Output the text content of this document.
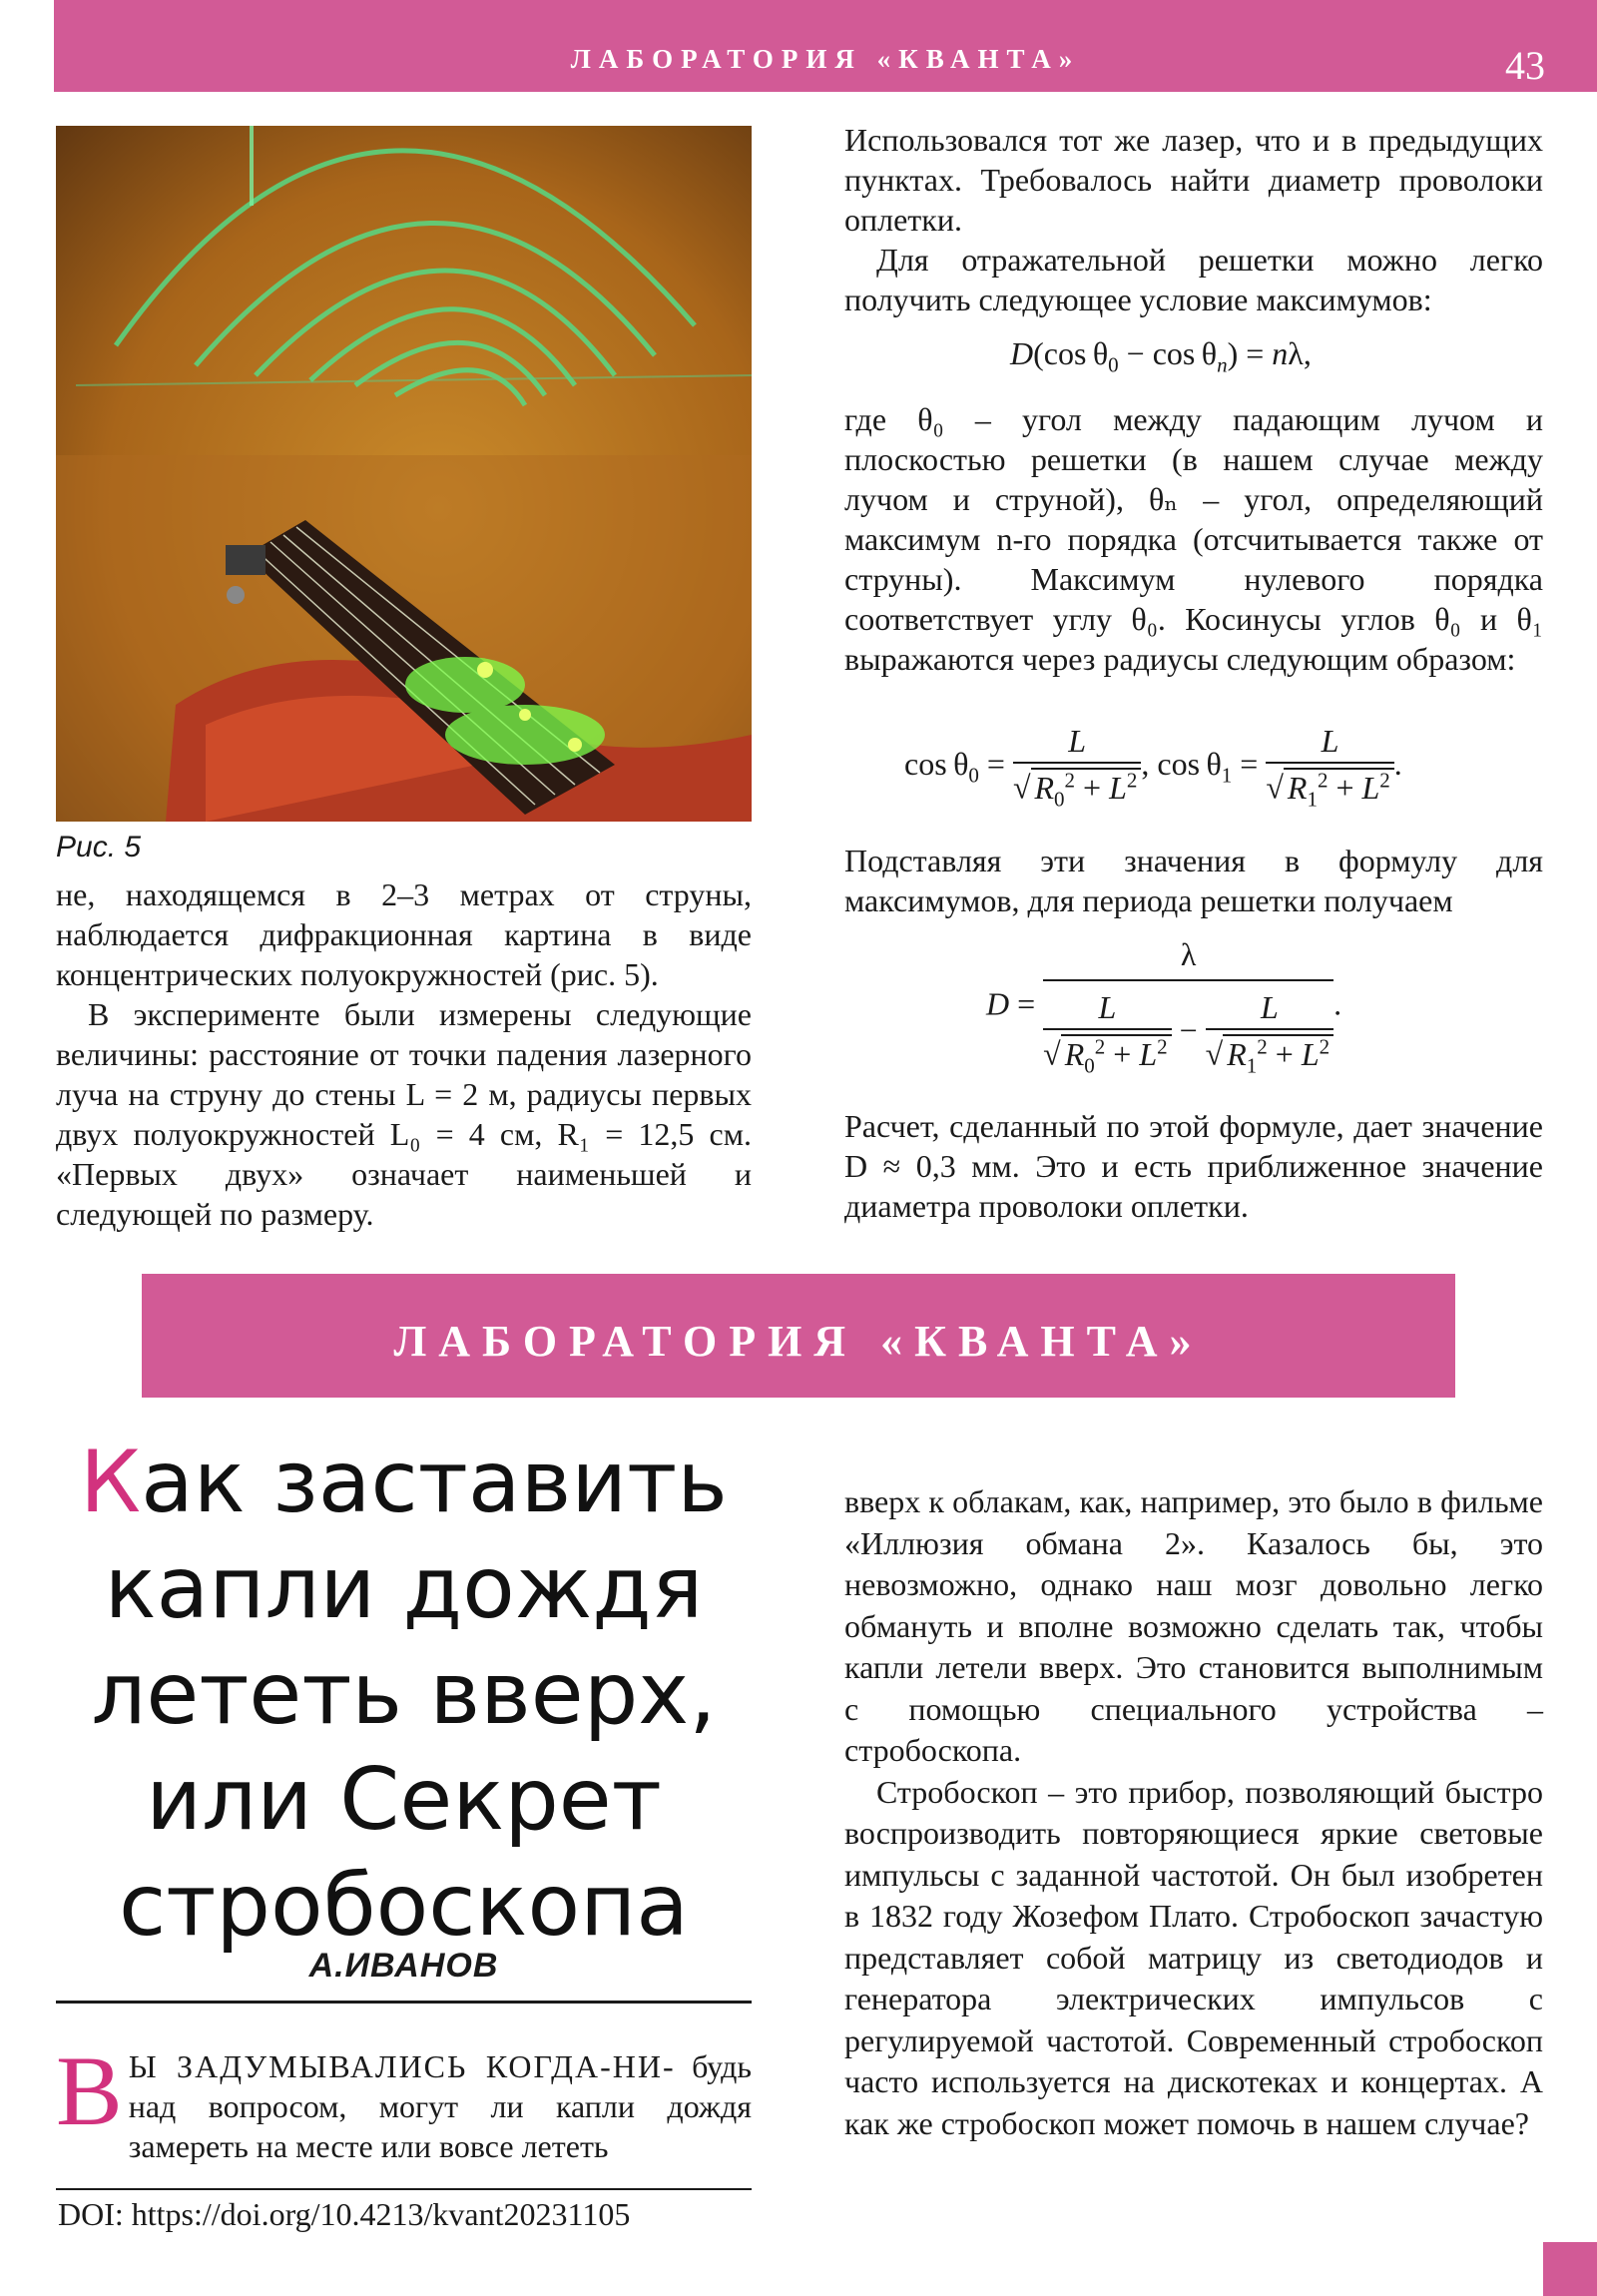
ЛАБОРАТОРИЯ «КВАНТА»	43
Рис. 5

не, находящемся в 2–3 метрах от струны, наблюдается дифракционная картина в виде концентрических полуокружностей (рис. 5).

В эксперименте были измерены следующие величины: расстояние от точки падения лазерного луча на струну до стены L = 2 м, радиусы первых двух полуокружностей L₀ = 4 см, R₁ = 12,5 см. «Первых двух» означает наименьшей и следующей по размеру.

Использовался тот же лазер, что и в предыдущих пунктах. Требовалось найти диаметр проволоки оплетки.

Для отражательной решетки можно легко получить следующее условие максимумов:

D(cos $\theta_0 - \cos \theta_n) = n\lambda$,

где θ₀ – угол между падающим лучом и плоскостью решетки (в нашем случае между лучом и струной), θₙ – угол, определяющий максимум n-го порядка (отсчитывается также от струны). Максимум нулевого порядка соответствует углу θ₀. Косинусы углов θ₀ и θ₁ выражаются через радиусы следующим образом:

$\cos \theta_0 = \frac{L}{√ R_0^2 + L^2}$ , $\cos \theta_1 = \frac{L}{√ R_1^2 + L^2}$ .

Подставляя эти значения в формулу для максимумов, для периода решетки получаем

$D = \frac{\lambda}{\frac{L}{√ R_0^2 + L^2} - \frac{L}{√ R_1^2 + L^2}}$ .

Расчет, сделанный по этой формуле, дает значение D ≈ 0,3 мм. Это и есть приближенное значение диаметра проволоки оплетки.

ЛАБОРАТОРИЯ «КВАНТА»
Как заставить
капли дождя
лететь вверх,
или Секрет
стробоскопа
А.ИВАНОВ
В Ы ЗАДУМЫВАЛИСЬ КОГДА-НИ- будь над вопросом, могут ли капли дождя замереть на месте или вовсе лететь
DOI: https://doi.org/10.4213/kvant20231105

вверх к облакам, как, например, это было в фильме «Иллюзия обмана 2». Казалось бы, это невозможно, однако наш мозг довольно легко обмануть и вполне возможно сделать так, чтобы капли летели вверх. Это становится выполнимым с помощью специального устройства – стробоскопа.

Стробоскоп – это прибор, позволяющий быстро воспроизводить повторяющиеся яркие световые импульсы с заданной частотой. Он был изобретен в 1832 году Жозефом Плато. Стробоскоп зачастую представляет собой матрицу из светодиодов и генератора электрических импульсов с регулируемой частотой. Современный стробоскоп часто используется на дискотеках и концертах. А как же стробоскоп может помочь в нашем случае?
